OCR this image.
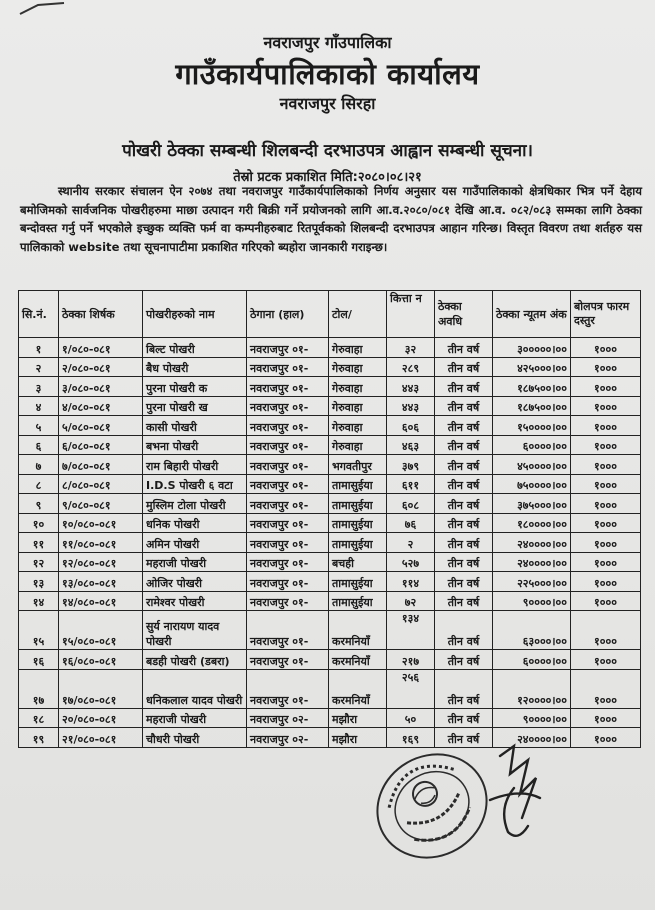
नवराजपुर गाँउपालिका
गाउँकार्यपालिकाको कार्यालय
नवराजपुर सिरहा
पोखरी ठेक्का सम्बन्धी शिलबन्दी दरभाउपत्र आह्वान सम्बन्धी सूचना।
तेस्रो प्रटक प्रकाशित मिति:२०८०।०८।२१
स्थानीय सरकार संचालन ऐन २०७४ तथा नवराजपुर गाउँकार्यपालिकाको निर्णय अनुसार यस गाउँपालिकाको क्षेत्रधिकार भित्र पर्ने देहाय बमोजिमको सार्वजनिक पोखरीहरुमा माछा उत्पादन गरी बिक्री गर्ने प्रयोजनको लागि आ.व.२०८०/०८१ देखि आ.व. ०८२/०८३ सम्मका लागि ठेक्का बन्दोवस्त गर्नु पर्ने भएकोले इच्छुक व्यक्ति फर्म वा कम्पनीहरुबाट रितपूर्वकको शिलबन्दी दरभाउपत्र आहान गरिन्छ। विस्तृत विवरण तथा शर्तहरु यस पालिकाको website तथा सूचनापाटीमा प्रकाशित गरिएको ब्यहोरा जानकारी गराइन्छ।
सि.नं.	ठेक्का शिर्षक	पोखरीहरुको नाम	ठेगाना (हाल)	टोल/	कित्ता न	ठेक्का अवधि	ठेक्का न्यूतम अंक	बोलपत्र फारम दस्तुर
१	१/०८०-०८१	बिल्ट पोखरी	नवराजपुर ०१-	गेरुवाहा	३२	तीन वर्ष	३०००००।००	१०००
२	२/०८०-०८१	बैध पोखरी	नवराजपुर ०१-	गेरुवाहा	२८९	तीन वर्ष	४२५०००।००	१०००
३	३/०८०-०८१	पुरना पोखरी क	नवराजपुर ०१-	गेरुवाहा	४४३	तीन वर्ष	१८७५००।००	१०००
४	४/०८०-०८१	पुरना पोखरी ख	नवराजपुर ०१-	गेरुवाहा	४४३	तीन वर्ष	१८७५००।००	१०००
५	५/०८०-०८१	कासी पोखरी	नवराजपुर ०१-	गेरुवाहा	६०६	तीन वर्ष	१५००००।००	१०००
६	६/०८०-०८१	बभना पोखरी	नवराजपुर ०१-	गेरुवाहा	४६३	तीन वर्ष	६००००।००	१०००
७	७/०८०-०८१	राम बिहारी पोखरी	नवराजपुर ०१-	भगवतीपुर	३७९	तीन वर्ष	४५००००।००	१०००
८	८/०८०-०८१	I.D.S पोखरी ६ वटा	नवराजपुर ०१-	तामासुईया	६११	तीन वर्ष	७५००००।००	१०००
९	९/०८०-०८१	मुस्लिम टोला पोखरी	नवराजपुर ०१-	तामासुईया	६०८	तीन वर्ष	३७५०००।००	१०००
१०	१०/०८०-०८१	धनिक पोखरी	नवराजपुर ०१-	तामासुईया	७६	तीन वर्ष	१८००००।००	१०००
११	११/०८०-०८१	अमिन पोखरी	नवराजपुर ०१-	तामासुईया	२	तीन वर्ष	२४००००।००	१०००
१२	१२/०८०-०८१	महराजी पोखरी	नवराजपुर ०१-	बचही	५२७	तीन वर्ष	२४००००।००	१०००
१३	१३/०८०-०८१	ओजिर पोखरी	नवराजपुर ०१-	तामासुईया	११४	तीन वर्ष	२२५०००।००	१०००
१४	१४/०८०-०८१	रामेश्वर पोखरी	नवराजपुर ०१-	तामासुईया	७२	तीन वर्ष	९००००।००	१०००
१५	१५/०८०-०८१	सुर्य नारायण यादव पोखरी	नवराजपुर ०१-	करमनियाँ	१३४	तीन वर्ष	६३०००।००	१०००
१६	१६/०८०-०८१	बडही पोखरी (डबरा)	नवराजपुर ०१-	करमनियाँ	२१७	तीन वर्ष	६००००।००	१०००
१७	१७/०८०-०८१	धनिकलाल यादव पोखरी	नवराजपुर ०१-	करमनियाँ	२५६	तीन वर्ष	१२००००।००	१०००
१८	२०/०८०-०८१	महराजी पोखरी	नवराजपुर ०२-	मझौरा	५०	तीन वर्ष	९००००।००	१०००
१९	२१/०८०-०८१	चौधरी पोखरी	नवराजपुर ०२-	मझौरा	१६९	तीन वर्ष	२४००००।००	१०००
